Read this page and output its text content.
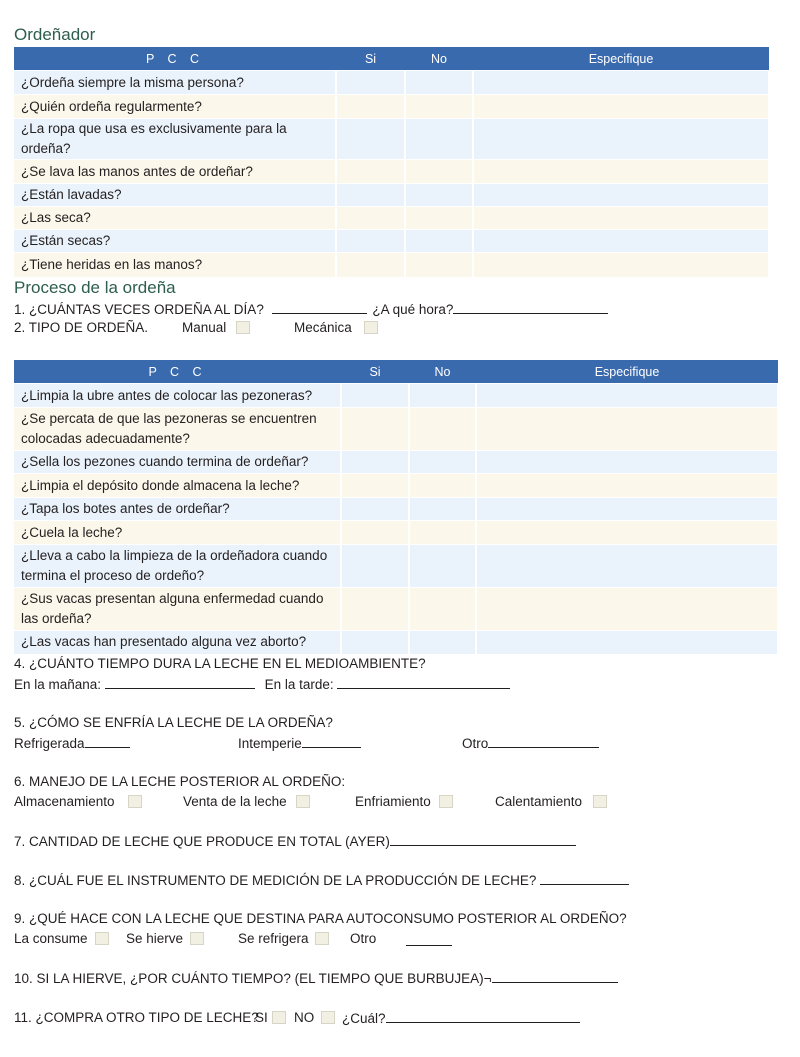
Ordeñador
P C C	Si	No	Especifique
¿Ordeña siempre la misma persona?			
¿Quién ordeña regularmente?			
¿La ropa que usa es exclusivamente para la ordeña?			
¿Se lava las manos antes de ordeñar?			
¿Están lavadas?			
¿Las seca?			
¿Están secas?			
¿Tiene heridas en las manos?			
Proceso de la ordeña
1. ¿CUÁNTAS VECES ORDEÑA AL DÍA?	¿A qué hora?
2. TIPO DE ORDEÑA.	Manual	Mecánica
P C C	Si	No	Especifique
¿Limpia la ubre antes de colocar las pezoneras?			
¿Se percata de que las pezoneras se encuentren colocadas adecuadamente?			
¿Sella los pezones cuando termina de ordeñar?			
¿Limpia el depósito donde almacena la leche?			
¿Tapa los botes antes de ordeñar?			
¿Cuela la leche?			
¿Lleva a cabo la limpieza de la ordeñadora cuando termina el proceso de ordeño?			
¿Sus vacas presentan alguna enfermedad cuando las ordeña?			
¿Las vacas han presentado alguna vez aborto?			
4. ¿CUÁNTO TIEMPO DURA LA LECHE EN EL MEDIOAMBIENTE?
En la mañana:	En la tarde:
5. ¿CÓMO SE ENFRÍA LA LECHE DE LA ORDEÑA?
Refrigerada	Intemperie	Otro
6. MANEJO DE LA LECHE POSTERIOR AL ORDEÑO:
Almacenamiento	Venta de la leche	Enfriamiento	Calentamiento
7. CANTIDAD DE LECHE QUE PRODUCE EN TOTAL (AYER)
8. ¿CUÁL FUE EL INSTRUMENTO DE MEDICIÓN DE LA PRODUCCIÓN DE LECHE?
9. ¿QUÉ HACE CON LA LECHE QUE DESTINA PARA AUTOCONSUMO POSTERIOR AL ORDEÑO?
La consume	Se hierve	Se refrigera	Otro
10. SI LA HIERVE, ¿POR CUÁNTO TIEMPO? (EL TIEMPO QUE BURBUJEA)¬
11. ¿COMPRA OTRO TIPO DE LECHE?
SI NO ¿Cuál?
